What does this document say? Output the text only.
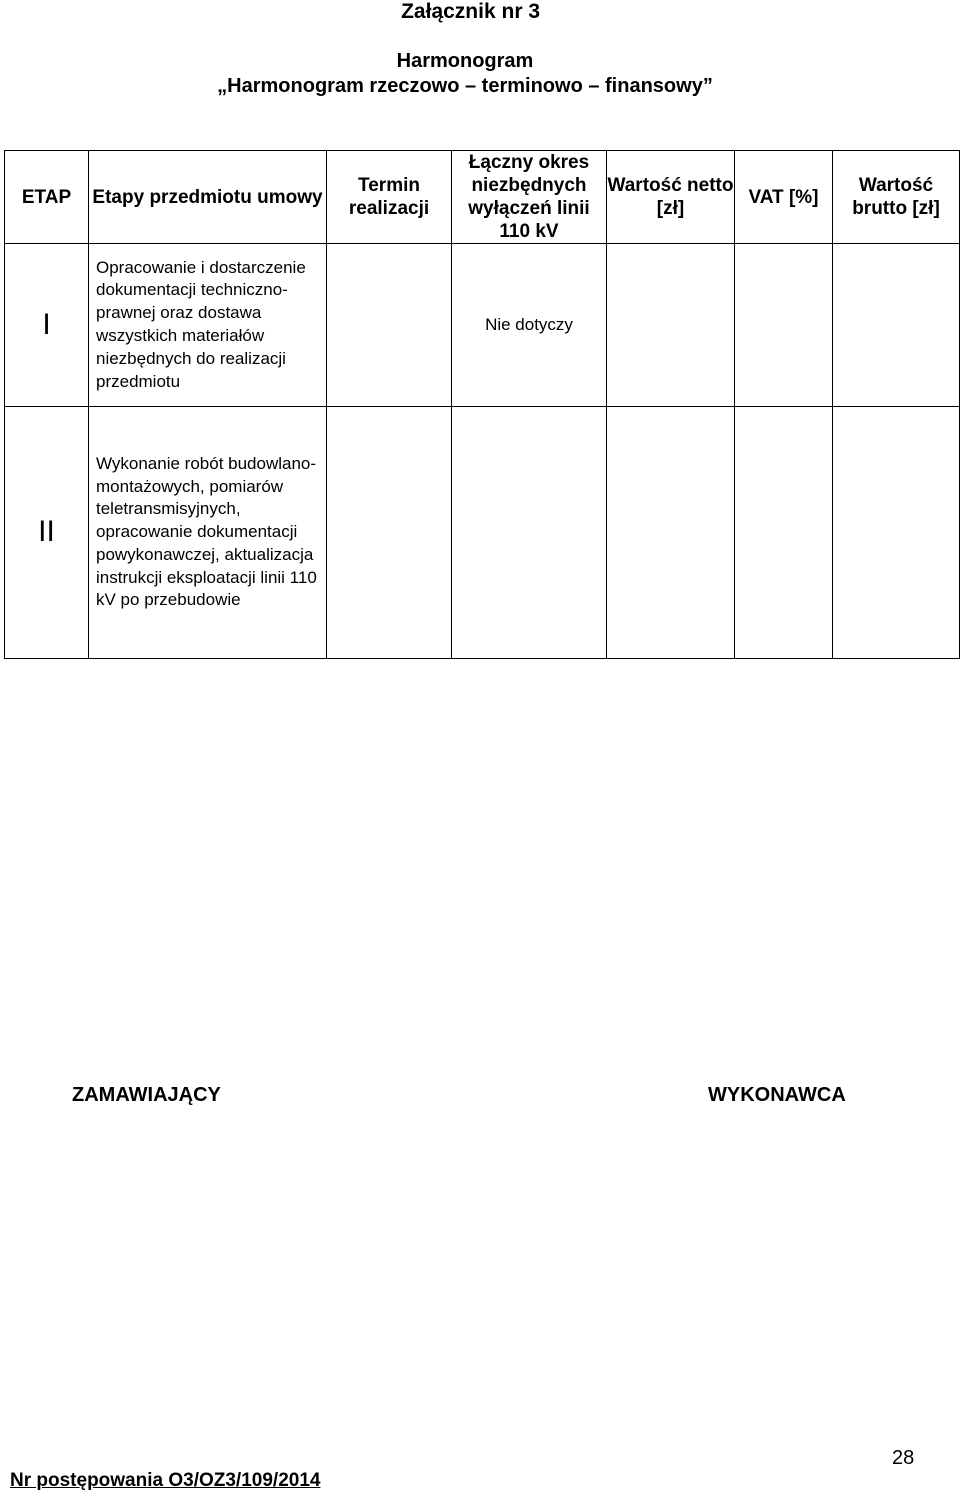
Załącznik nr 3
Harmonogram
„Harmonogram rzeczowo – terminowo – finansowy”
ETAP	Etapy przedmiotu umowy	Termin realizacji	Łączny okres niezbędnych wyłączeń linii 110 kV	Wartość netto [zł]	VAT [%]	Wartość brutto [zł]
I	Opracowanie i dostarczenie dokumentacji techniczno-prawnej oraz dostawa wszystkich materiałów niezbędnych do realizacji przedmiotu		Nie dotyczy			
II	Wykonanie robót budowlano-montażowych, pomiarów teletransmisyjnych, opracowanie dokumentacji powykonawczej, aktualizacja instrukcji eksploatacji linii 110 kV po przebudowie					
ZAMAWIAJĄCY	WYKONAWCA
28
Nr postępowania O3/OZ3/109/2014
